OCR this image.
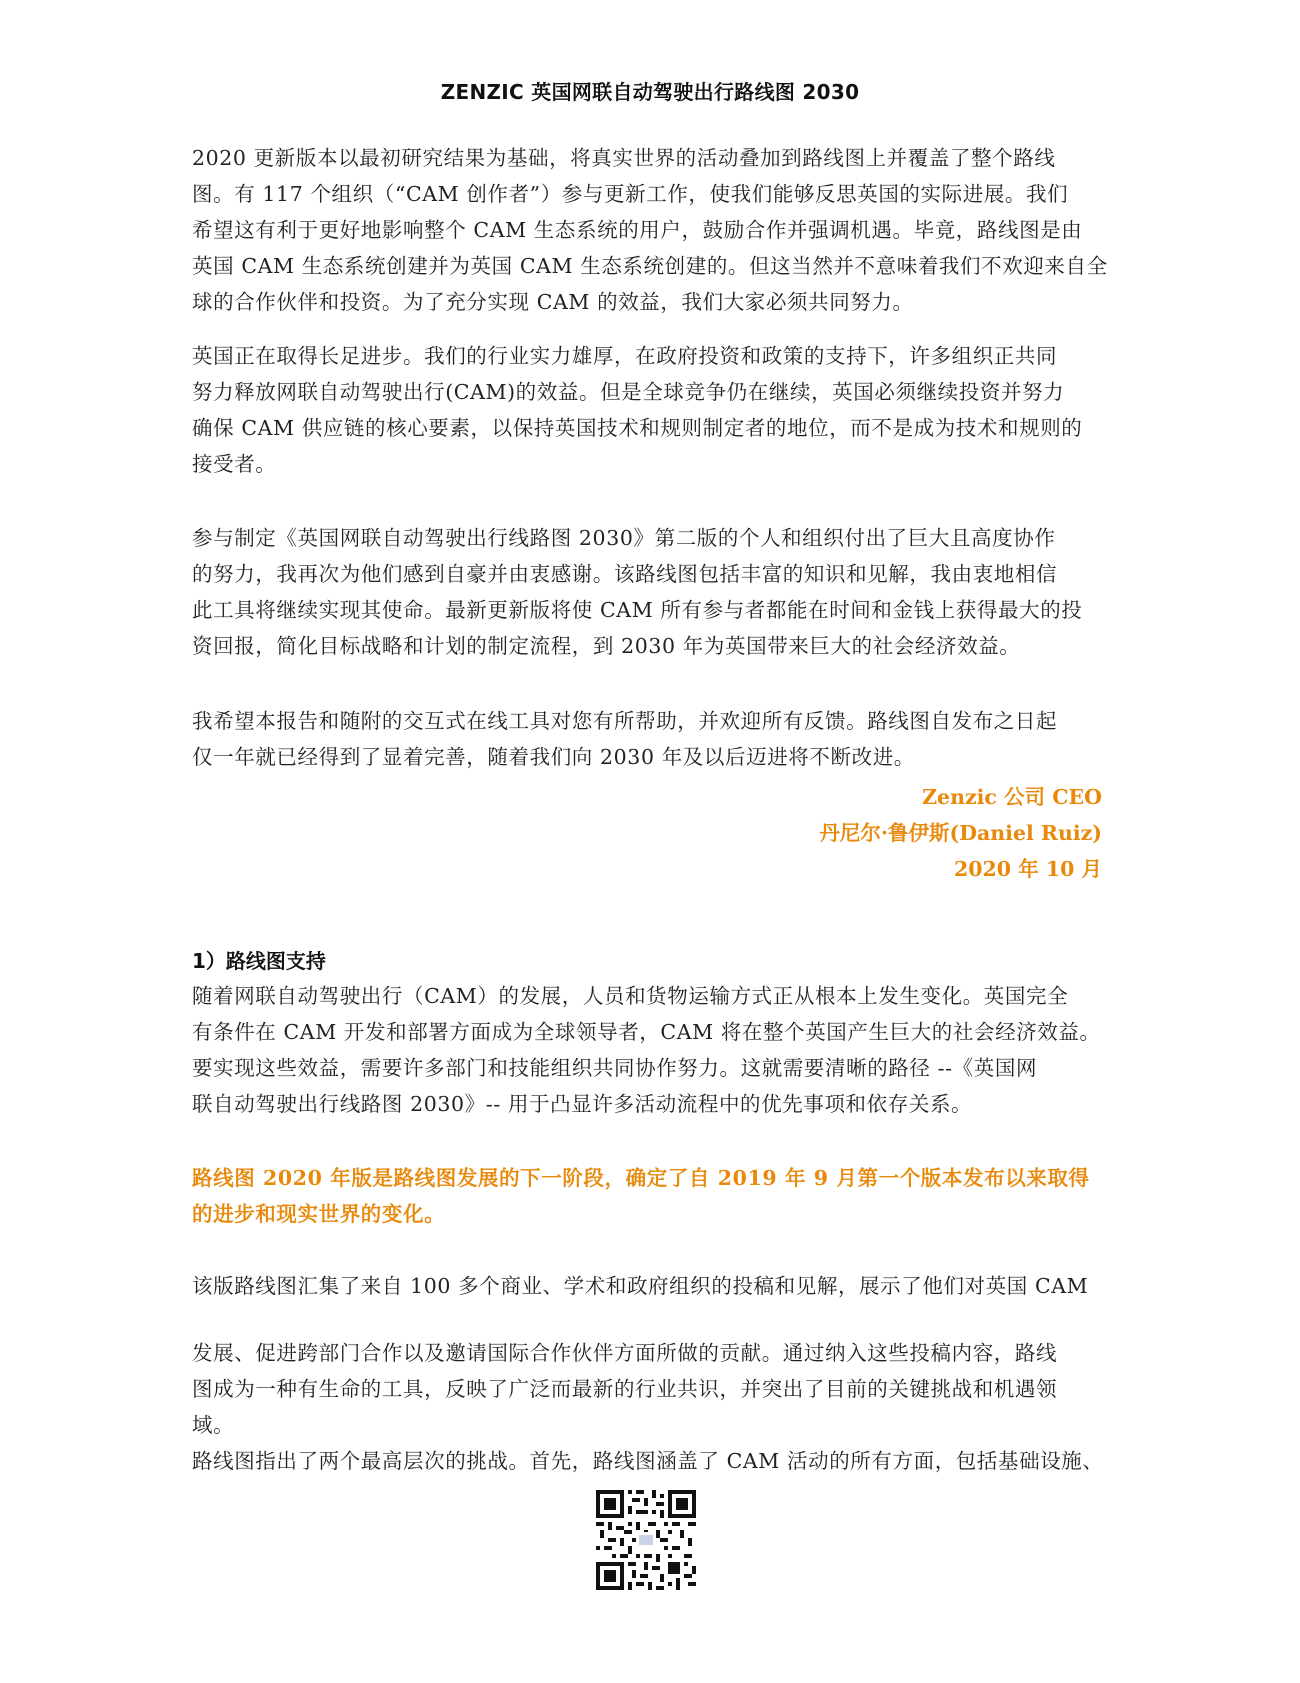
ZENZIC 英国网联自动驾驶出行路线图 2030
2020 更新版本以最初研究结果为基础，将真实世界的活动叠加到路线图上并覆盖了整个路线
图。有 117 个组织（“CAM 创作者”）参与更新工作，使我们能够反思英国的实际进展。我们
希望这有利于更好地影响整个 CAM 生态系统的用户，鼓励合作并强调机遇。毕竟，路线图是由
英国 CAM 生态系统创建并为英国 CAM 生态系统创建的。但这当然并不意味着我们不欢迎来自全
球的合作伙伴和投资。为了充分实现 CAM 的效益，我们大家必须共同努力。
英国正在取得长足进步。我们的行业实力雄厚，在政府投资和政策的支持下，许多组织正共同
努力释放网联自动驾驶出行(CAM)的效益。但是全球竞争仍在继续，英国必须继续投资并努力
确保 CAM 供应链的核心要素，以保持英国技术和规则制定者的地位，而不是成为技术和规则的
接受者。
参与制定《英国网联自动驾驶出行线路图 2030》第二版的个人和组织付出了巨大且高度协作
的努力，我再次为他们感到自豪并由衷感谢。该路线图包括丰富的知识和见解，我由衷地相信
此工具将继续实现其使命。最新更新版将使 CAM 所有参与者都能在时间和金钱上获得最大的投
资回报，简化目标战略和计划的制定流程，到 2030 年为英国带来巨大的社会经济效益。
我希望本报告和随附的交互式在线工具对您有所帮助，并欢迎所有反馈。路线图自发布之日起
仅一年就已经得到了显着完善，随着我们向 2030 年及以后迈进将不断改进。
Zenzic 公司 CEO
丹尼尔·鲁伊斯(Daniel Ruiz)
2020 年 10 月
1）路线图支持
随着网联自动驾驶出行（CAM）的发展，人员和货物运输方式正从根本上发生变化。英国完全
有条件在 CAM 开发和部署方面成为全球领导者，CAM 将在整个英国产生巨大的社会经济效益。
要实现这些效益，需要许多部门和技能组织共同协作努力。这就需要清晰的路径 --《英国网
联自动驾驶出行线路图 2030》-- 用于凸显许多活动流程中的优先事项和依存关系。
路线图 2020 年版是路线图发展的下一阶段，确定了自 2019 年 9 月第一个版本发布以来取得
的进步和现实世界的变化。
该版路线图汇集了来自 100 多个商业、学术和政府组织的投稿和见解，展示了他们对英国 CAM
发展、促进跨部门合作以及邀请国际合作伙伴方面所做的贡献。通过纳入这些投稿内容，路线
图成为一种有生命的工具，反映了广泛而最新的行业共识，并突出了目前的关键挑战和机遇领
域。
路线图指出了两个最高层次的挑战。首先，路线图涵盖了 CAM 活动的所有方面，包括基础设施、
